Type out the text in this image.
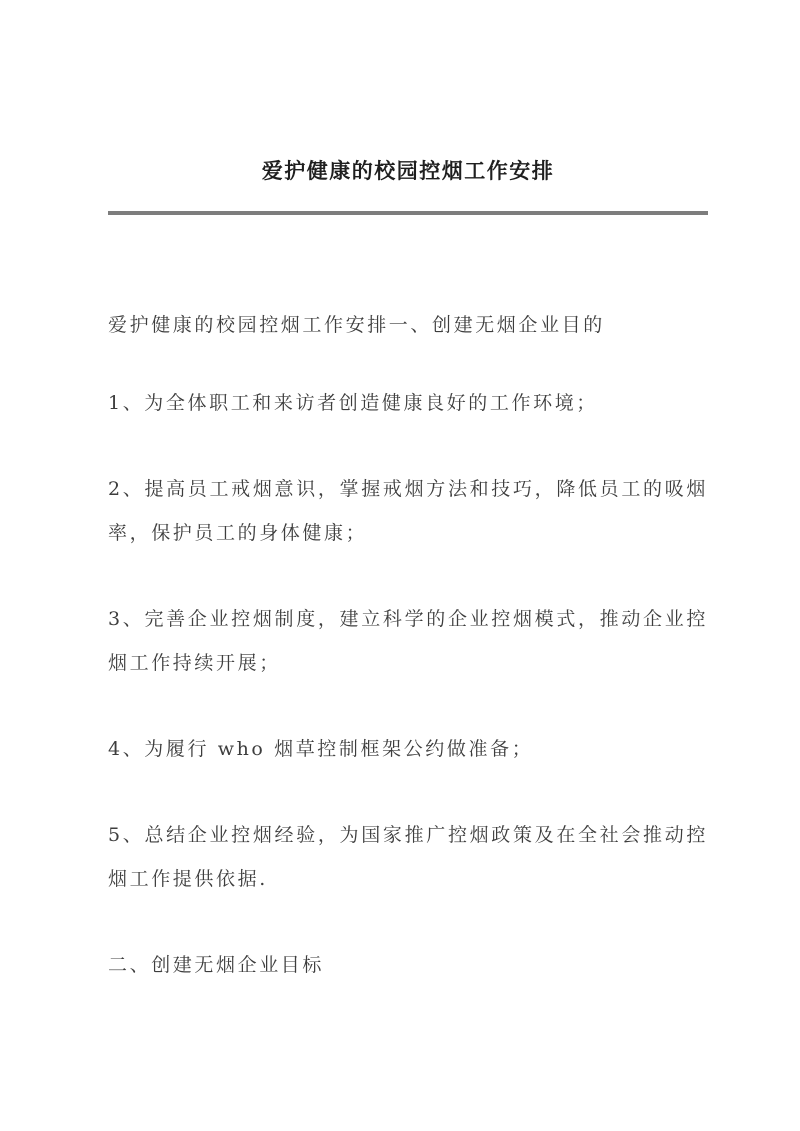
爱护健康的校园控烟工作安排

爱护健康的校园控烟工作安排一、创建无烟企业目的

1、为全体职工和来访者创造健康良好的工作环境；

2、提高员工戒烟意识，掌握戒烟方法和技巧，降低员工的吸烟率，保护员工的身体健康；

3、完善企业控烟制度，建立科学的企业控烟模式，推动企业控烟工作持续开展；

4、为履行 who 烟草控制框架公约做准备；

5、总结企业控烟经验，为国家推广控烟政策及在全社会推动控烟工作提供依据.

二、创建无烟企业目标
